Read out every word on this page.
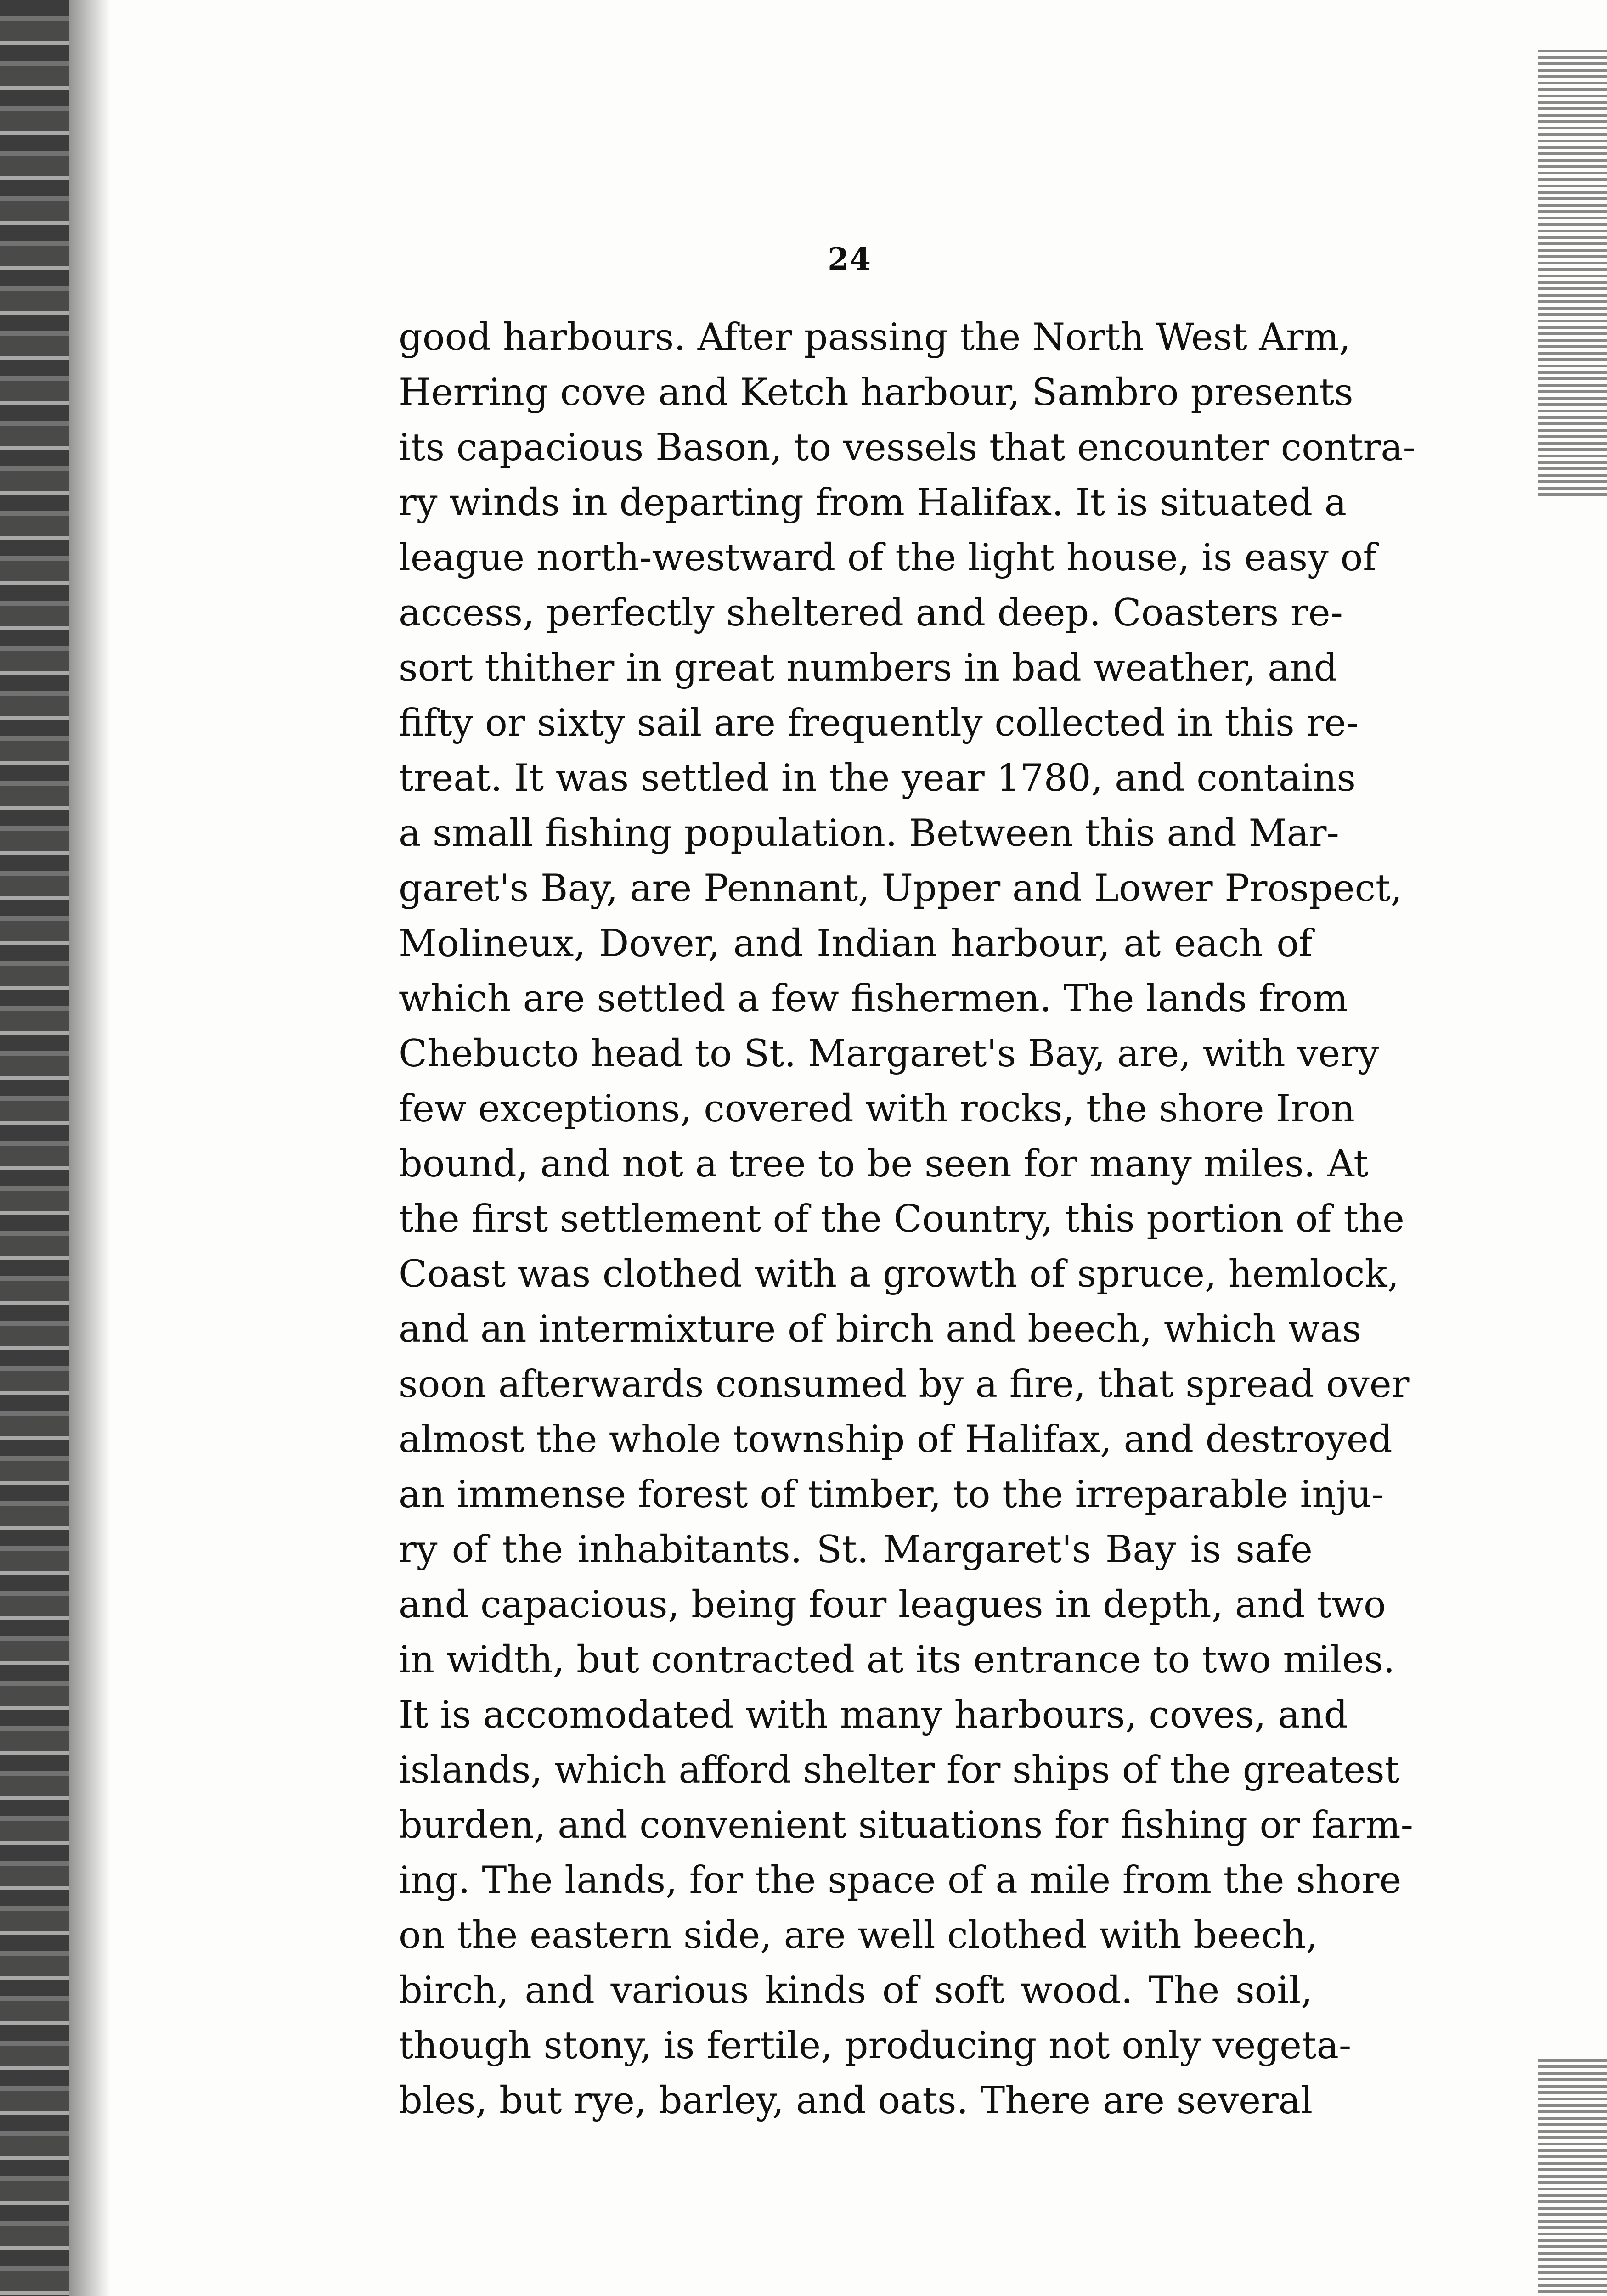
24
good harbours. After passing the North West Arm,
Herring cove and Ketch harbour, Sambro presents
its capacious Bason, to vessels that encounter contra-
ry winds in departing from Halifax. It is situated a
league north-westward of the light house, is easy of
access, perfectly sheltered and deep. Coasters re-
sort thither in great numbers in bad weather, and
fifty or sixty sail are frequently collected in this re-
treat. It was settled in the year 1780, and contains
a small fishing population. Between this and Mar-
garet's Bay, are Pennant, Upper and Lower Prospect,
Molineux, Dover, and Indian harbour, at each of
which are settled a few fishermen. The lands from
Chebucto head to St. Margaret's Bay, are, with very
few exceptions, covered with rocks, the shore Iron
bound, and not a tree to be seen for many miles. At
the first settlement of the Country, this portion of the
Coast was clothed with a growth of spruce, hemlock,
and an intermixture of birch and beech, which was
soon afterwards consumed by a fire, that spread over
almost the whole township of Halifax, and destroyed
an immense forest of timber, to the irreparable inju-
ry of the inhabitants. St. Margaret's Bay is safe
and capacious, being four leagues in depth, and two
in width, but contracted at its entrance to two miles.
It is accomodated with many harbours, coves, and
islands, which afford shelter for ships of the greatest
burden, and convenient situations for fishing or farm-
ing. The lands, for the space of a mile from the shore
on the eastern side, are well clothed with beech,
birch, and various kinds of soft wood. The soil,
though stony, is fertile, producing not only vegeta-
bles, but rye, barley, and oats. There are several
